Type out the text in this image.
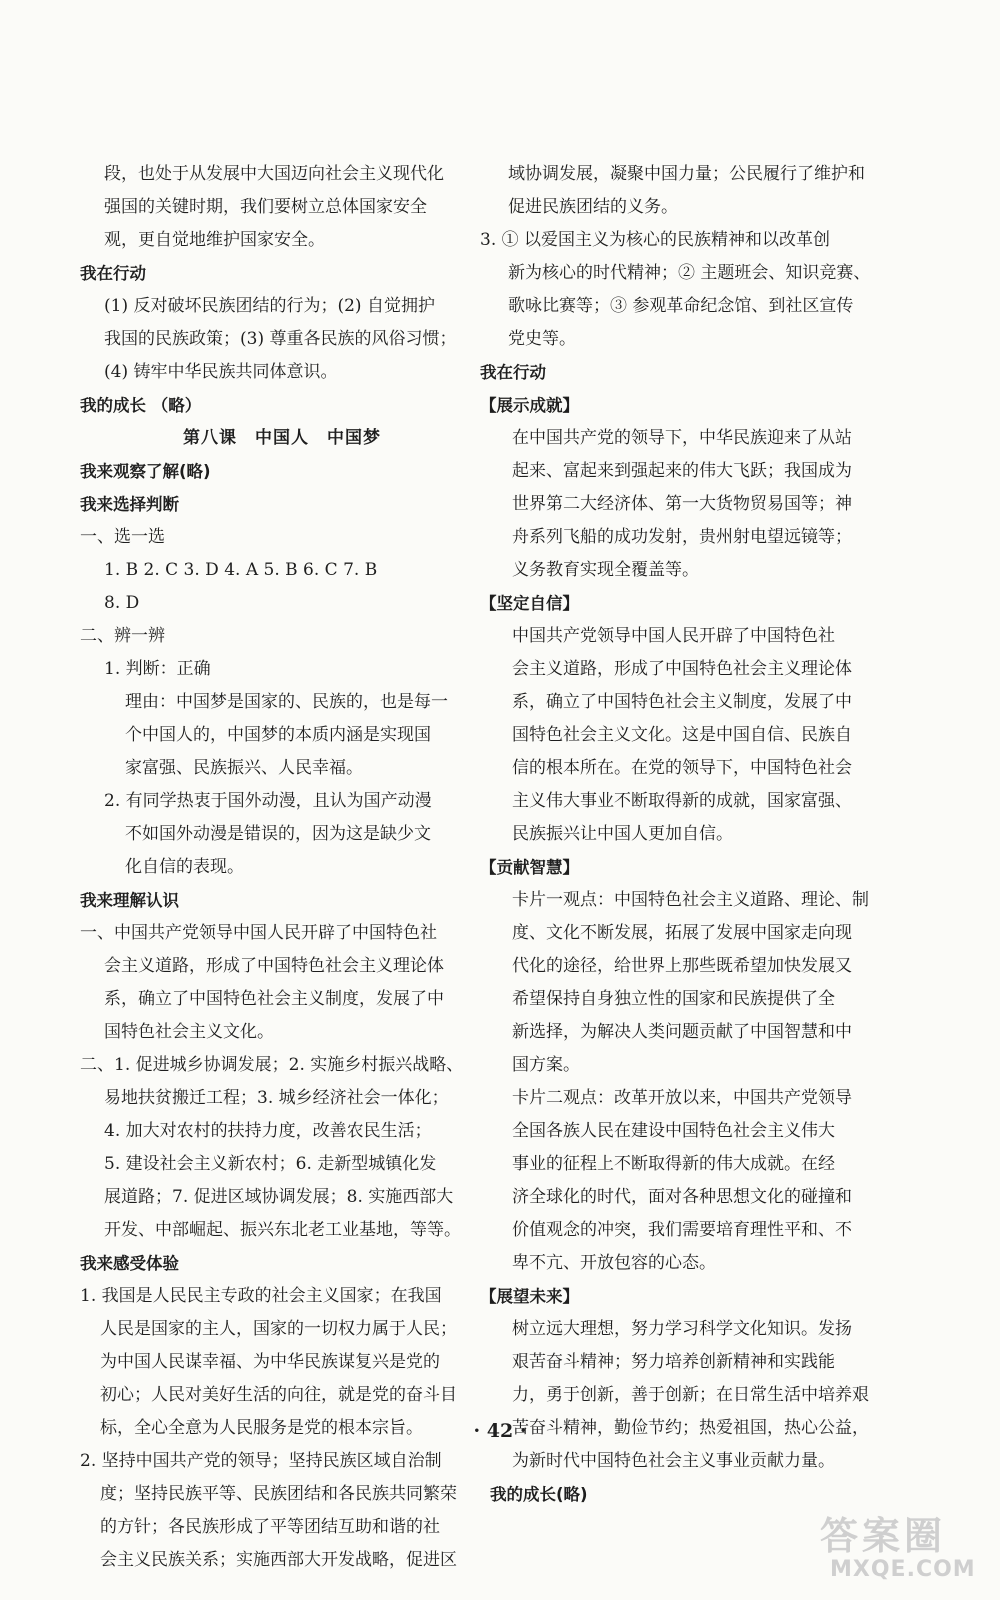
段，也处于从发展中大国迈向社会主义现代化

强国的关键时期，我们要树立总体国家安全

观，更自觉地维护国家安全。

我在行动

(1) 反对破坏民族团结的行为；(2) 自觉拥护

我国的民族政策；(3) 尊重各民族的风俗习惯；

(4) 铸牢中华民族共同体意识。

我的成长 （略）

第八课　中国人　中国梦

我来观察了解(略)

我来选择判断

一、选一选

1. B 2. C 3. D 4. A 5. B 6. C 7. B

8. D

二、辨一辨

1. 判断：正确

理由：中国梦是国家的、民族的，也是每一

个中国人的，中国梦的本质内涵是实现国

家富强、民族振兴、人民幸福。

2. 有同学热衷于国外动漫，且认为国产动漫

不如国外动漫是错误的，因为这是缺少文

化自信的表现。

我来理解认识

一、中国共产党领导中国人民开辟了中国特色社

会主义道路，形成了中国特色社会主义理论体

系，确立了中国特色社会主义制度，发展了中

国特色社会主义文化。

二、1. 促进城乡协调发展；2. 实施乡村振兴战略、

易地扶贫搬迁工程；3. 城乡经济社会一体化；

4. 加大对农村的扶持力度，改善农民生活；

5. 建设社会主义新农村；6. 走新型城镇化发

展道路；7. 促进区域协调发展；8. 实施西部大

开发、中部崛起、振兴东北老工业基地，等等。

我来感受体验

1. 我国是人民民主专政的社会主义国家；在我国

人民是国家的主人，国家的一切权力属于人民；

为中国人民谋幸福、为中华民族谋复兴是党的

初心；人民对美好生活的向往，就是党的奋斗目

标，全心全意为人民服务是党的根本宗旨。

2. 坚持中国共产党的领导；坚持民族区域自治制

度；坚持民族平等、民族团结和各民族共同繁荣

的方针；各民族形成了平等团结互助和谐的社

会主义民族关系；实施西部大开发战略，促进区

域协调发展，凝聚中国力量；公民履行了维护和

促进民族团结的义务。

3. ① 以爱国主义为核心的民族精神和以改革创

新为核心的时代精神；② 主题班会、知识竞赛、

歌咏比赛等；③ 参观革命纪念馆、到社区宣传

党史等。

我在行动

【展示成就】

在中国共产党的领导下，中华民族迎来了从站

起来、富起来到强起来的伟大飞跃；我国成为

世界第二大经济体、第一大货物贸易国等；神

舟系列飞船的成功发射，贵州射电望远镜等；

义务教育实现全覆盖等。

【坚定自信】

中国共产党领导中国人民开辟了中国特色社

会主义道路，形成了中国特色社会主义理论体

系，确立了中国特色社会主义制度，发展了中

国特色社会主义文化。这是中国自信、民族自

信的根本所在。在党的领导下，中国特色社会

主义伟大事业不断取得新的成就，国家富强、

民族振兴让中国人更加自信。

【贡献智慧】

卡片一观点：中国特色社会主义道路、理论、制

度、文化不断发展，拓展了发展中国家走向现

代化的途径，给世界上那些既希望加快发展又

希望保持自身独立性的国家和民族提供了全

新选择，为解决人类问题贡献了中国智慧和中

国方案。

卡片二观点：改革开放以来，中国共产党领导

全国各族人民在建设中国特色社会主义伟大

事业的征程上不断取得新的伟大成就。在经

济全球化的时代，面对各种思想文化的碰撞和

价值观念的冲突，我们需要培育理性平和、不

卑不亢、开放包容的心态。

【展望未来】

树立远大理想，努力学习科学文化知识。发扬

艰苦奋斗精神；努力培养创新精神和实践能

力，勇于创新，善于创新；在日常生活中培养艰

苦奋斗精神，勤俭节约；热爱祖国，热心公益，

为新时代中国特色社会主义事业贡献力量。

我的成长(略)

· 42 ·
答案圈
MXQE.COM
